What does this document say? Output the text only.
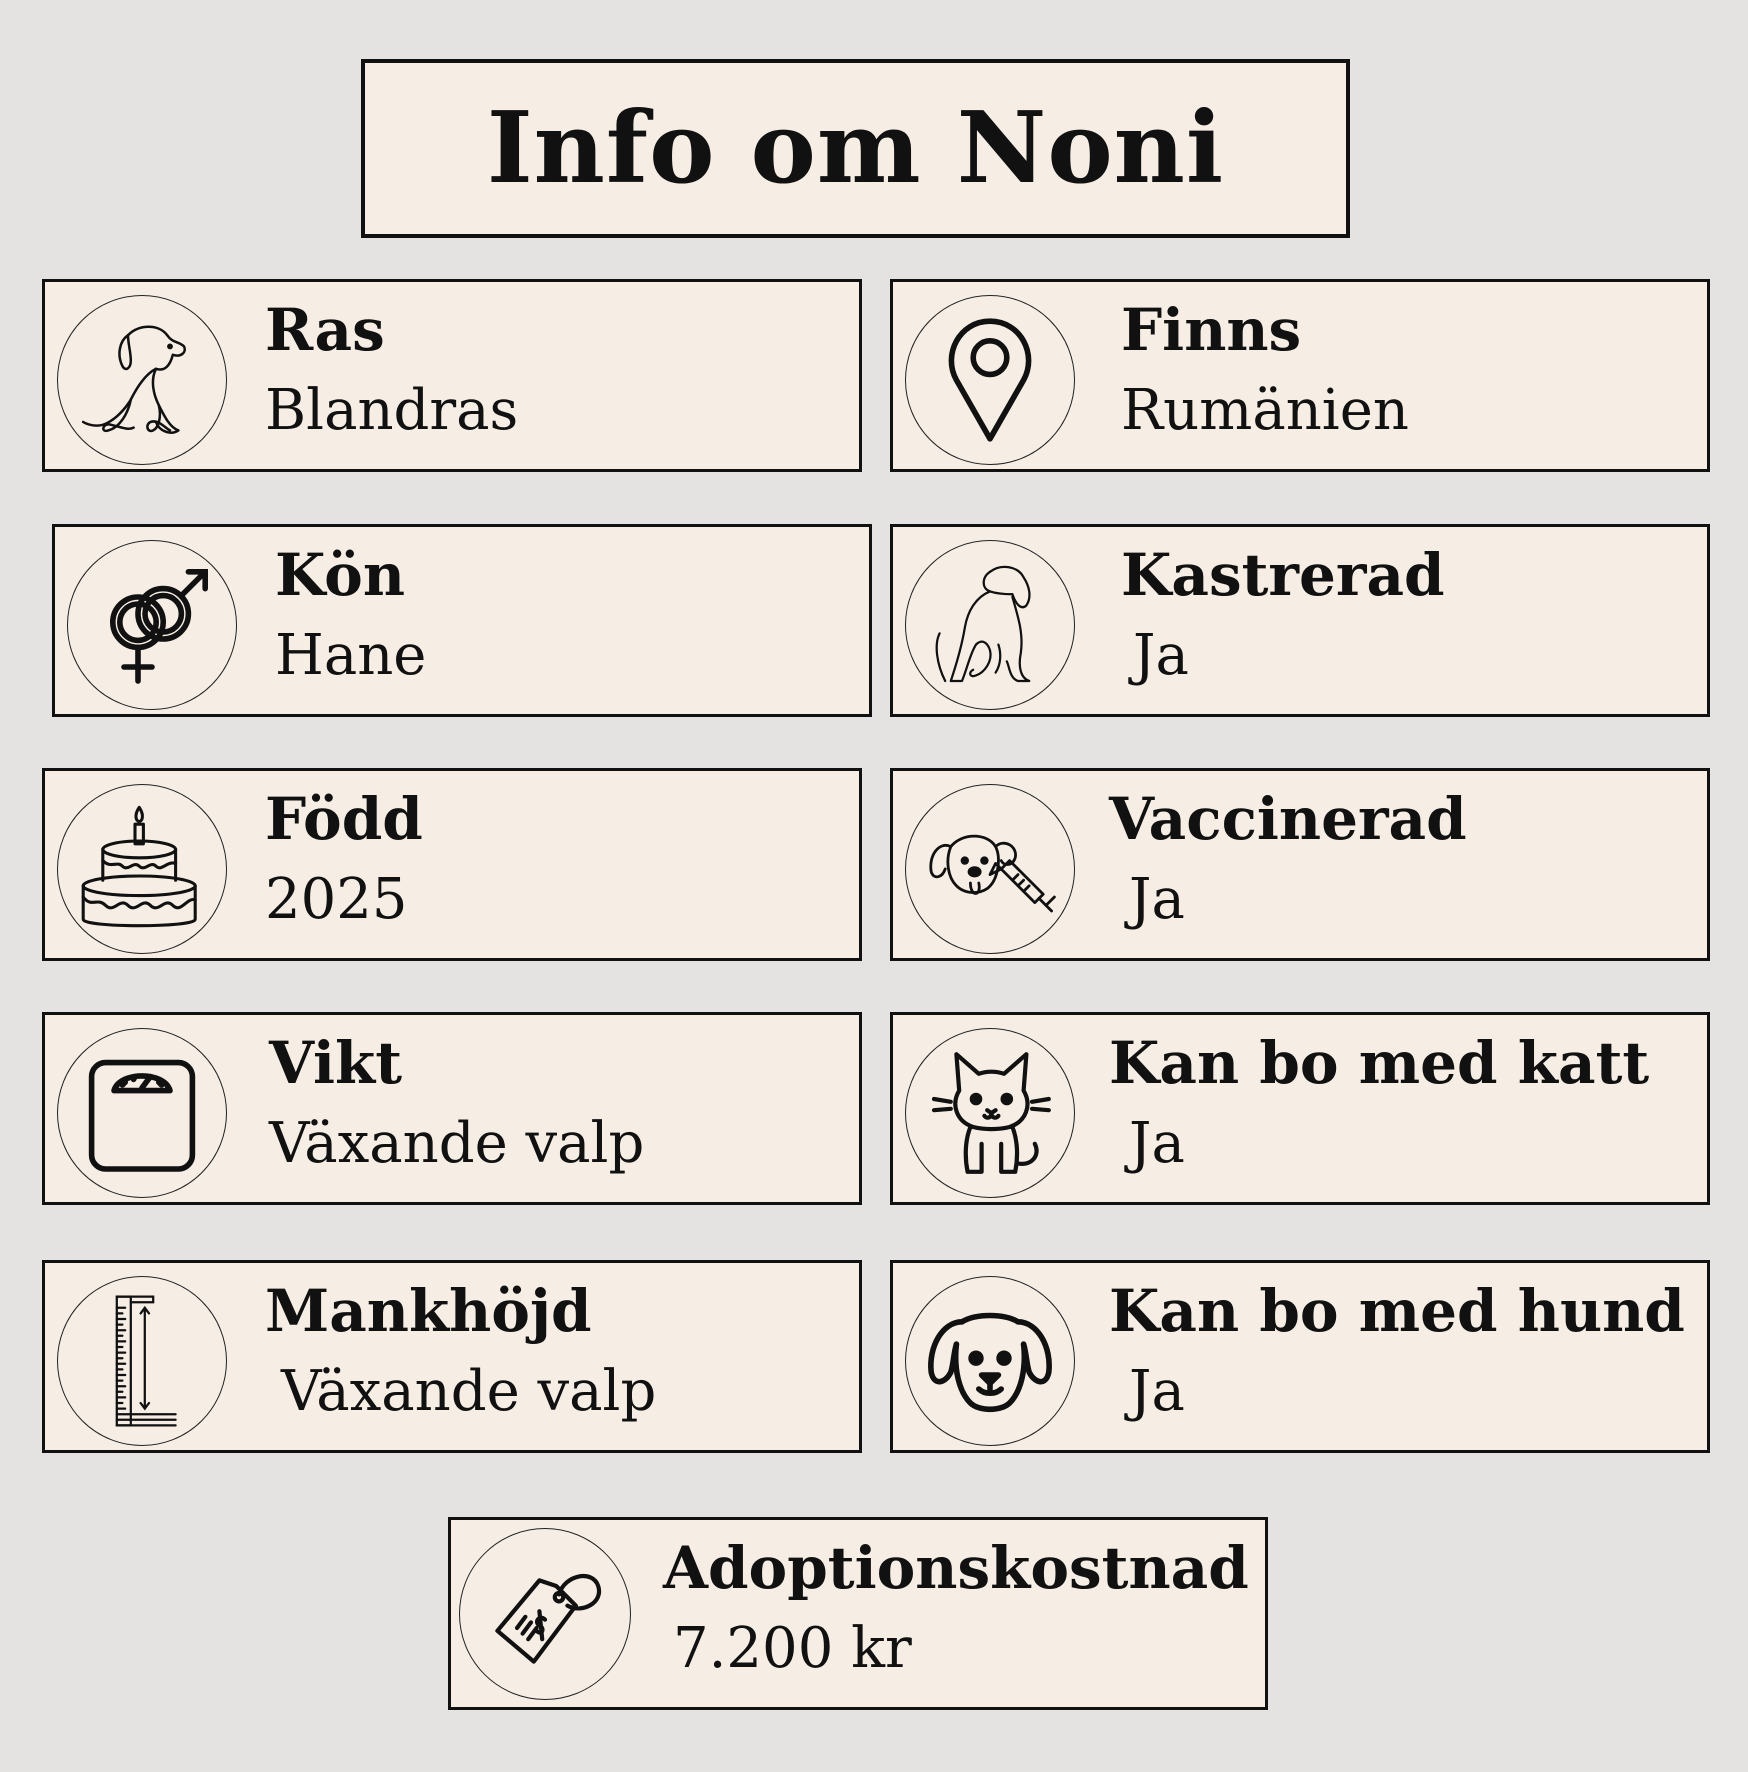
Info om Noni
Ras
Blandras
Finns
Rumänien
Kön
Hane
Kastrerad
Ja
Född
2025
Vaccinerad
Ja
Vikt
Växande valp
Kan bo med katt
Ja
Mankhöjd
Växande valp
Kan bo med hund
Ja
Adoptionskostnad
7.200 kr
